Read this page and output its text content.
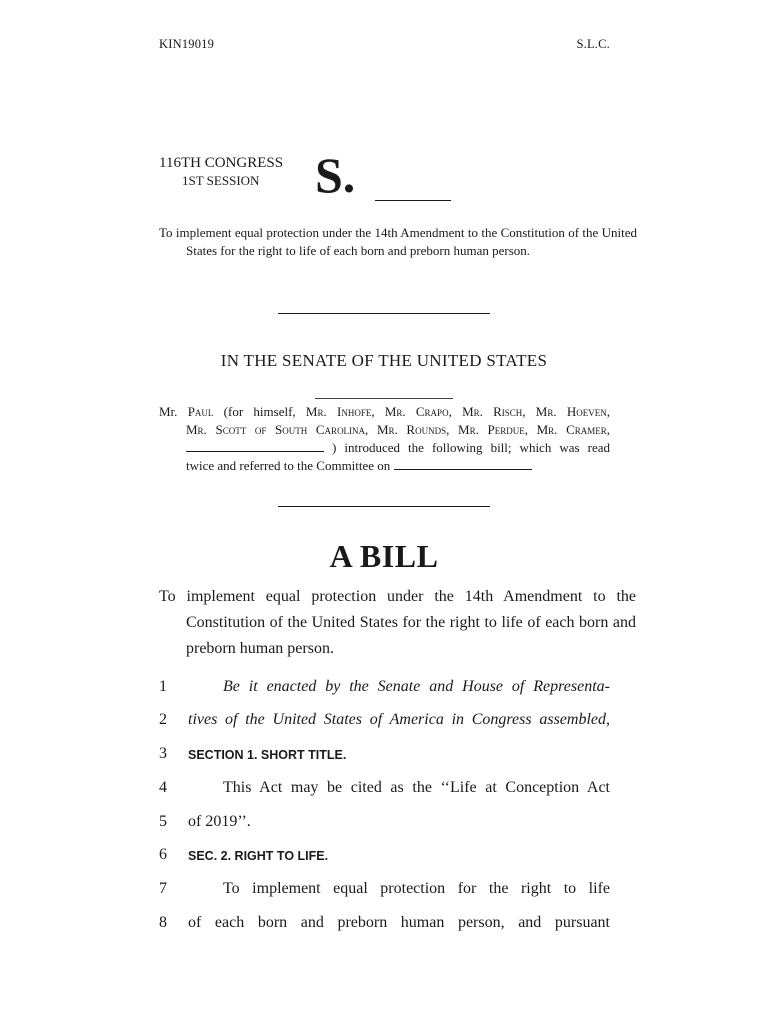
KIN19019	S.L.C.
116TH CONGRESS
1ST SESSION	S.
To implement equal protection under the 14th Amendment to the Constitution of the United States for the right to life of each born and preborn human person.
IN THE SENATE OF THE UNITED STATES
Mr. Paul (for himself, Mr. Inhofe, Mr. Crapo, Mr. Risch, Mr. Hoeven,
Mr. Scott of South Carolina, Mr. Rounds, Mr. Perdue, Mr. Cramer,
) introduced the following bill; which was read
twice and referred to the Committee on
A BILL
To implement equal protection under the 14th Amendment to the Constitution of the United States for the right to life of each born and preborn human person.
1	Be it enacted by the Senate and House of Representa-
2	tives of the United States of America in Congress assembled,
3	SECTION 1. SHORT TITLE.
4	This Act may be cited as the ‘‘Life at Conception Act
5	of 2019’’.
6	SEC. 2. RIGHT TO LIFE.
7	To implement equal protection for the right to life
8	of each born and preborn human person, and pursuant
